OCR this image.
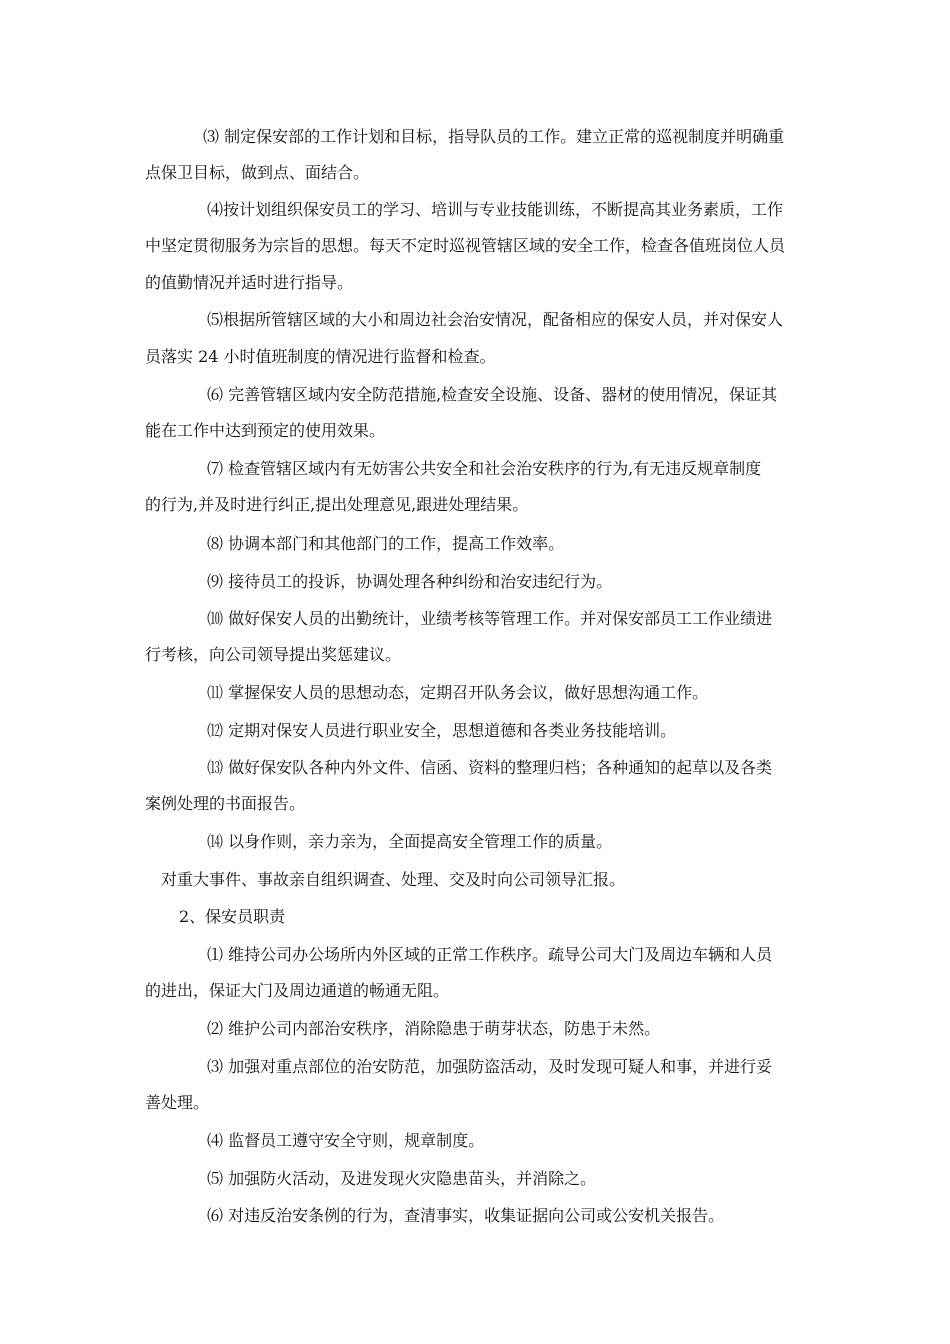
⑶ 制定保安部的工作计划和目标，指导队员的工作。建立正常的巡视制度并明确重
点保卫目标，做到点、面结合。
⑷按计划组织保安员工的学习、培训与专业技能训练，不断提高其业务素质，工作
中坚定贯彻服务为宗旨的思想。每天不定时巡视管辖区域的安全工作，检查各值班岗位人员
的值勤情况并适时进行指导。
⑸根据所管辖区域的大小和周边社会治安情况，配备相应的保安人员，并对保安人
员落实 24 小时值班制度的情况进行监督和检查。
⑹ 完善管辖区域内安全防范措施,检查安全设施、设备、器材的使用情况，保证其
能在工作中达到预定的使用效果。
⑺ 检查管辖区域内有无妨害公共安全和社会治安秩序的行为,有无违反规章制度
的行为,并及时进行纠正,提出处理意见,跟进处理结果。
⑻ 协调本部门和其他部门的工作，提高工作效率。
⑼ 接待员工的投诉，协调处理各种纠纷和治安违纪行为。
⑽ 做好保安人员的出勤统计，业绩考核等管理工作。并对保安部员工工作业绩进
行考核，向公司领导提出奖惩建议。
⑾ 掌握保安人员的思想动态，定期召开队务会议，做好思想沟通工作。
⑿ 定期对保安人员进行职业安全，思想道德和各类业务技能培训。
⒀ 做好保安队各种内外文件、信函、资料的整理归档；各种通知的起草以及各类
案例处理的书面报告。
⒁ 以身作则，亲力亲为，全面提高安全管理工作的质量。
对重大事件、事故亲自组织调查、处理、交及时向公司领导汇报。
2、保安员职责
⑴ 维持公司办公场所内外区域的正常工作秩序。疏导公司大门及周边车辆和人员
的进出，保证大门及周边通道的畅通无阻。
⑵ 维护公司内部治安秩序，消除隐患于萌芽状态，防患于未然。
⑶ 加强对重点部位的治安防范，加强防盗活动，及时发现可疑人和事，并进行妥
善处理。
⑷ 监督员工遵守安全守则，规章制度。
⑸ 加强防火活动，及进发现火灾隐患苗头，并消除之。
⑹ 对违反治安条例的行为，查清事实，收集证据向公司或公安机关报告。
